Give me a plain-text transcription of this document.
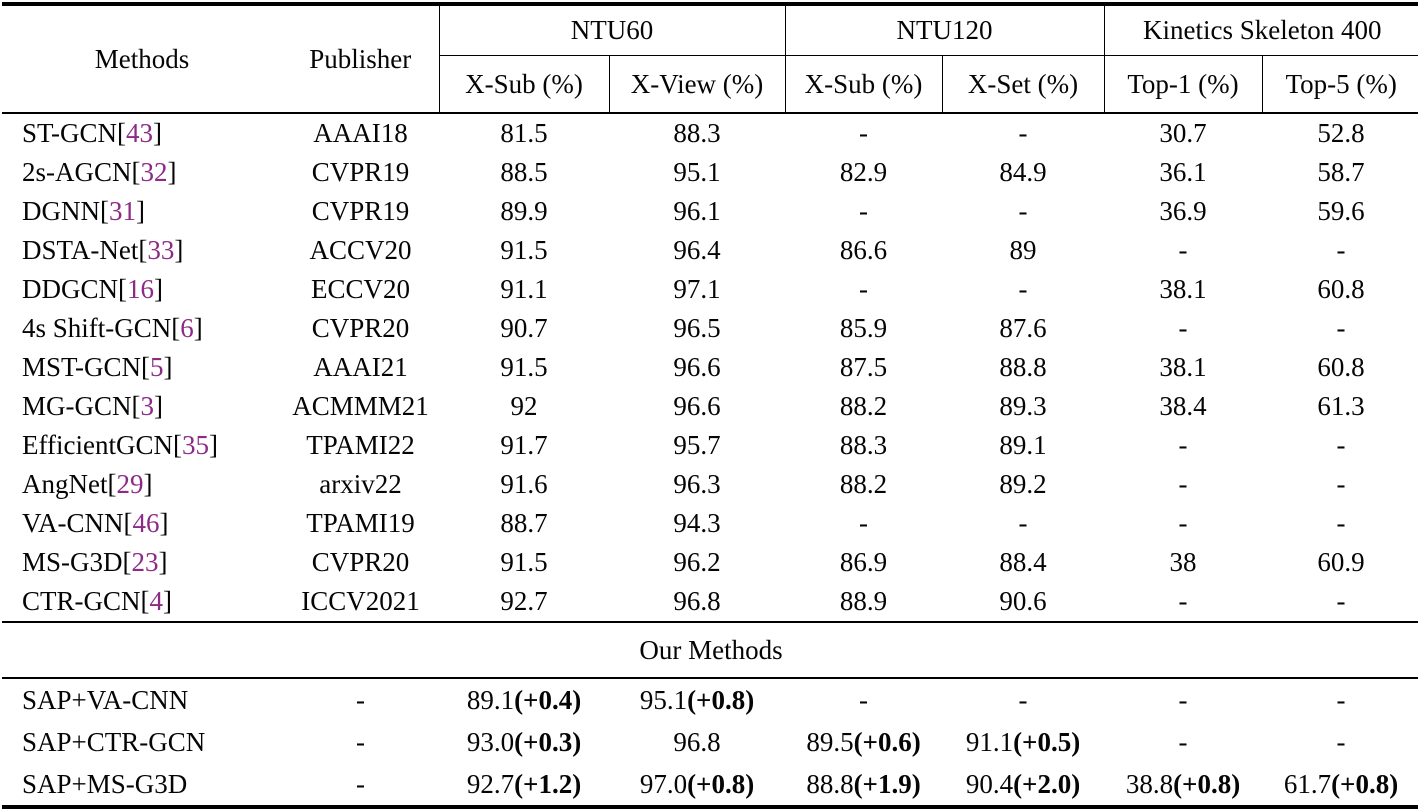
Methods	Publisher	NTU60		NTU120		Kinetics Skeleton 400	
		X-Sub (%)	X-View (%)	X-Sub (%)	X-Set (%)	Top-1 (%)	Top-5 (%)
ST-GCN[43]	AAAI18	81.5	88.3	-	-	30.7	52.8
2s-AGCN[32]	CVPR19	88.5	95.1	82.9	84.9	36.1	58.7
DGNN[31]	CVPR19	89.9	96.1	-	-	36.9	59.6
DSTA-Net[33]	ACCV20	91.5	96.4	86.6	89	-	-
DDGCN[16]	ECCV20	91.1	97.1	-	-	38.1	60.8
4s Shift-GCN[6]	CVPR20	90.7	96.5	85.9	87.6	-	-
MST-GCN[5]	AAAI21	91.5	96.6	87.5	88.8	38.1	60.8
MG-GCN[3]	ACMMM21	92	96.6	88.2	89.3	38.4	61.3
EfficientGCN[35]	TPAMI22	91.7	95.7	88.3	89.1	-	-
AngNet[29]	arxiv22	91.6	96.3	88.2	89.2	-	-
VA-CNN[46]	TPAMI19	88.7	94.3	-	-	-	-
MS-G3D[23]	CVPR20	91.5	96.2	86.9	88.4	38	60.9
CTR-GCN[4]	ICCV2021	92.7	96.8	88.9	90.6	-	-
Our Methods							
SAP+VA-CNN	-	89.1(+0.4)	95.1(+0.8)	-	-	-	-
SAP+CTR-GCN	-	93.0(+0.3)	96.8	89.5(+0.6)	91.1(+0.5)	-	-
SAP+MS-G3D	-	92.7(+1.2)	97.0(+0.8)	88.8(+1.9)	90.4(+2.0)	38.8(+0.8)	61.7(+0.8)
